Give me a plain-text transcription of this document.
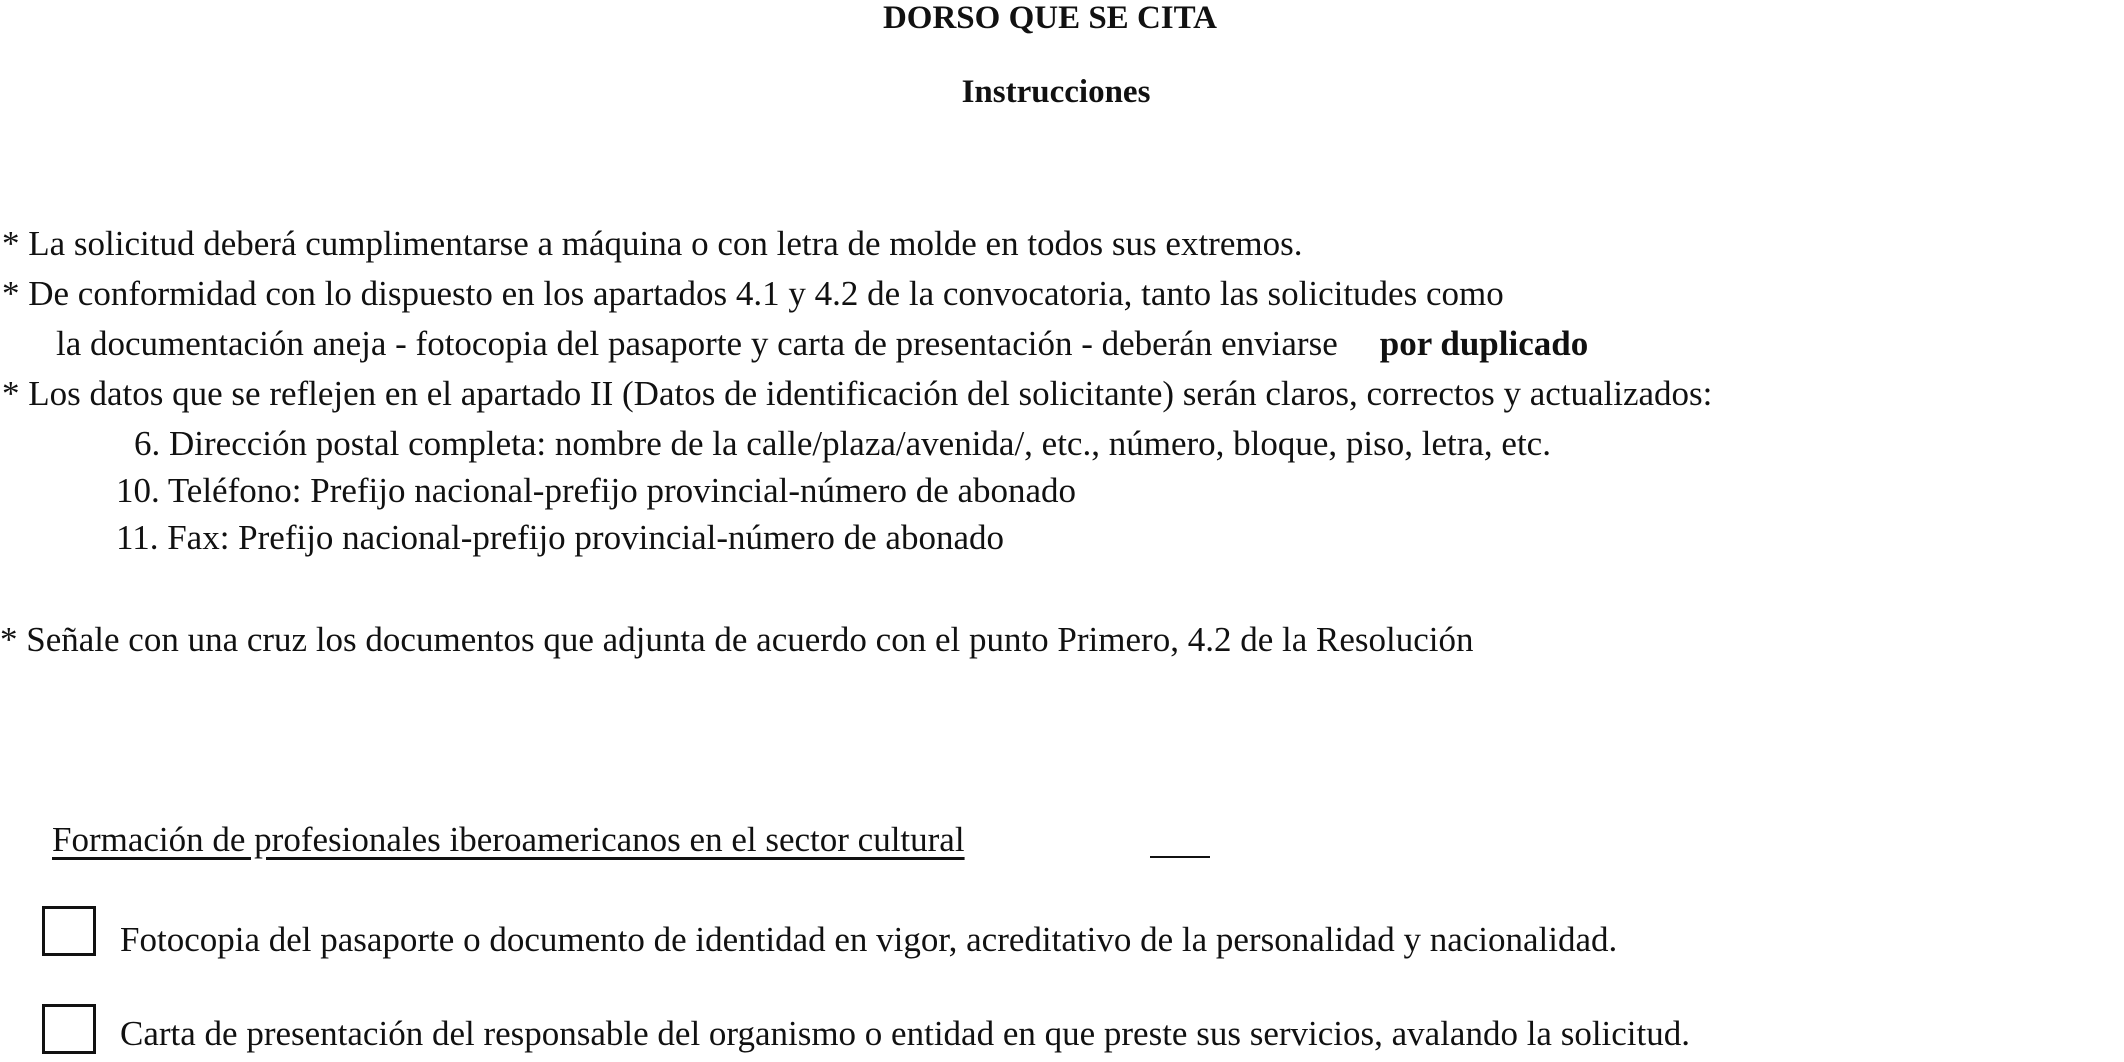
DORSO QUE SE CITA
Instrucciones
* La solicitud deberá cumplimentarse a máquina o con letra de molde en todos sus extremos.
* De conformidad con lo dispuesto en los apartados 4.1 y 4.2 de la convocatoria, tanto las solicitudes como
la documentación aneja - fotocopia del pasaporte y carta de presentación - deberán enviarse por duplicado
* Los datos que se reflejen en el apartado II (Datos de identificación del solicitante) serán claros, correctos y actualizados:
6. Dirección postal completa: nombre de la calle/plaza/avenida/, etc., número, bloque, piso, letra, etc.
10. Teléfono: Prefijo nacional-prefijo provincial-número de abonado
11. Fax: Prefijo nacional-prefijo provincial-número de abonado
* Señale con una cruz los documentos que adjunta de acuerdo con el punto Primero, 4.2 de la Resolución
Formación de profesionales iberoamericanos en el sector cultural
Fotocopia del pasaporte o documento de identidad en vigor, acreditativo de la personalidad y nacionalidad.
Carta de presentación del responsable del organismo o entidad en que preste sus servicios, avalando la solicitud.
